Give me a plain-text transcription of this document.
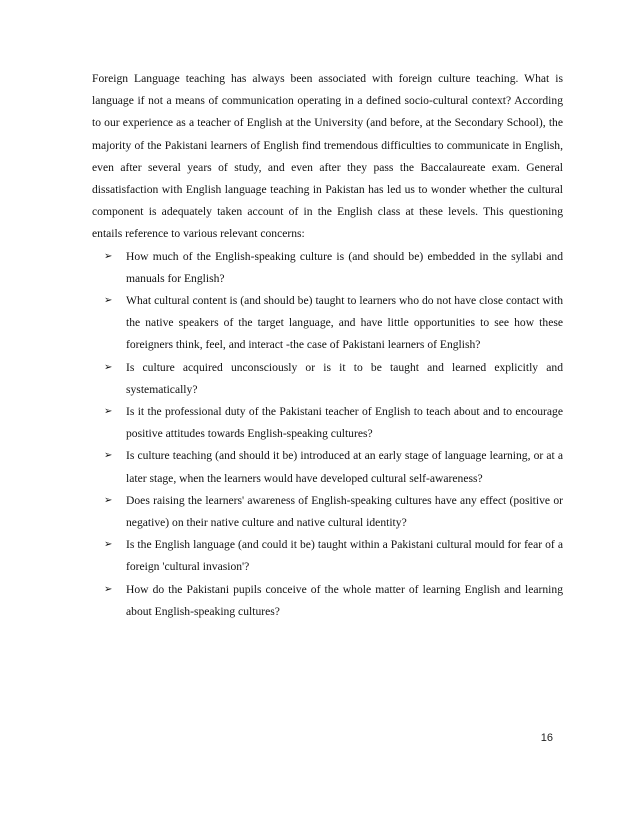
Foreign Language teaching has always been associated with foreign culture teaching. What is language if not a means of communication operating in a defined socio-cultural context? According to our experience as a teacher of English at the University (and before, at the Secondary School), the majority of the Pakistani learners of English find tremendous difficulties to communicate in English, even after several years of study, and even after they pass the Baccalaureate exam. General dissatisfaction with English language teaching in Pakistan has led us to wonder whether the cultural component is adequately taken account of in the English class at these levels. This questioning entails reference to various relevant concerns:

➢ How much of the English-speaking culture is (and should be) embedded in the syllabi and manuals for English?
➢ What cultural content is (and should be) taught to learners who do not have close contact with the native speakers of the target language, and have little opportunities to see how these foreigners think, feel, and interact -the case of Pakistani learners of English?
➢ Is culture acquired unconsciously or is it to be taught and learned explicitly and systematically?
➢ Is it the professional duty of the Pakistani teacher of English to teach about and to encourage positive attitudes towards English-speaking cultures?
➢ Is culture teaching (and should it be) introduced at an early stage of language learning, or at a later stage, when the learners would have developed cultural self-awareness?
➢ Does raising the learners' awareness of English-speaking cultures have any effect (positive or negative) on their native culture and native cultural identity?
➢ Is the English language (and could it be) taught within a Pakistani cultural mould for fear of a foreign 'cultural invasion'?
➢ How do the Pakistani pupils conceive of the whole matter of learning English and learning about English-speaking cultures?
16
